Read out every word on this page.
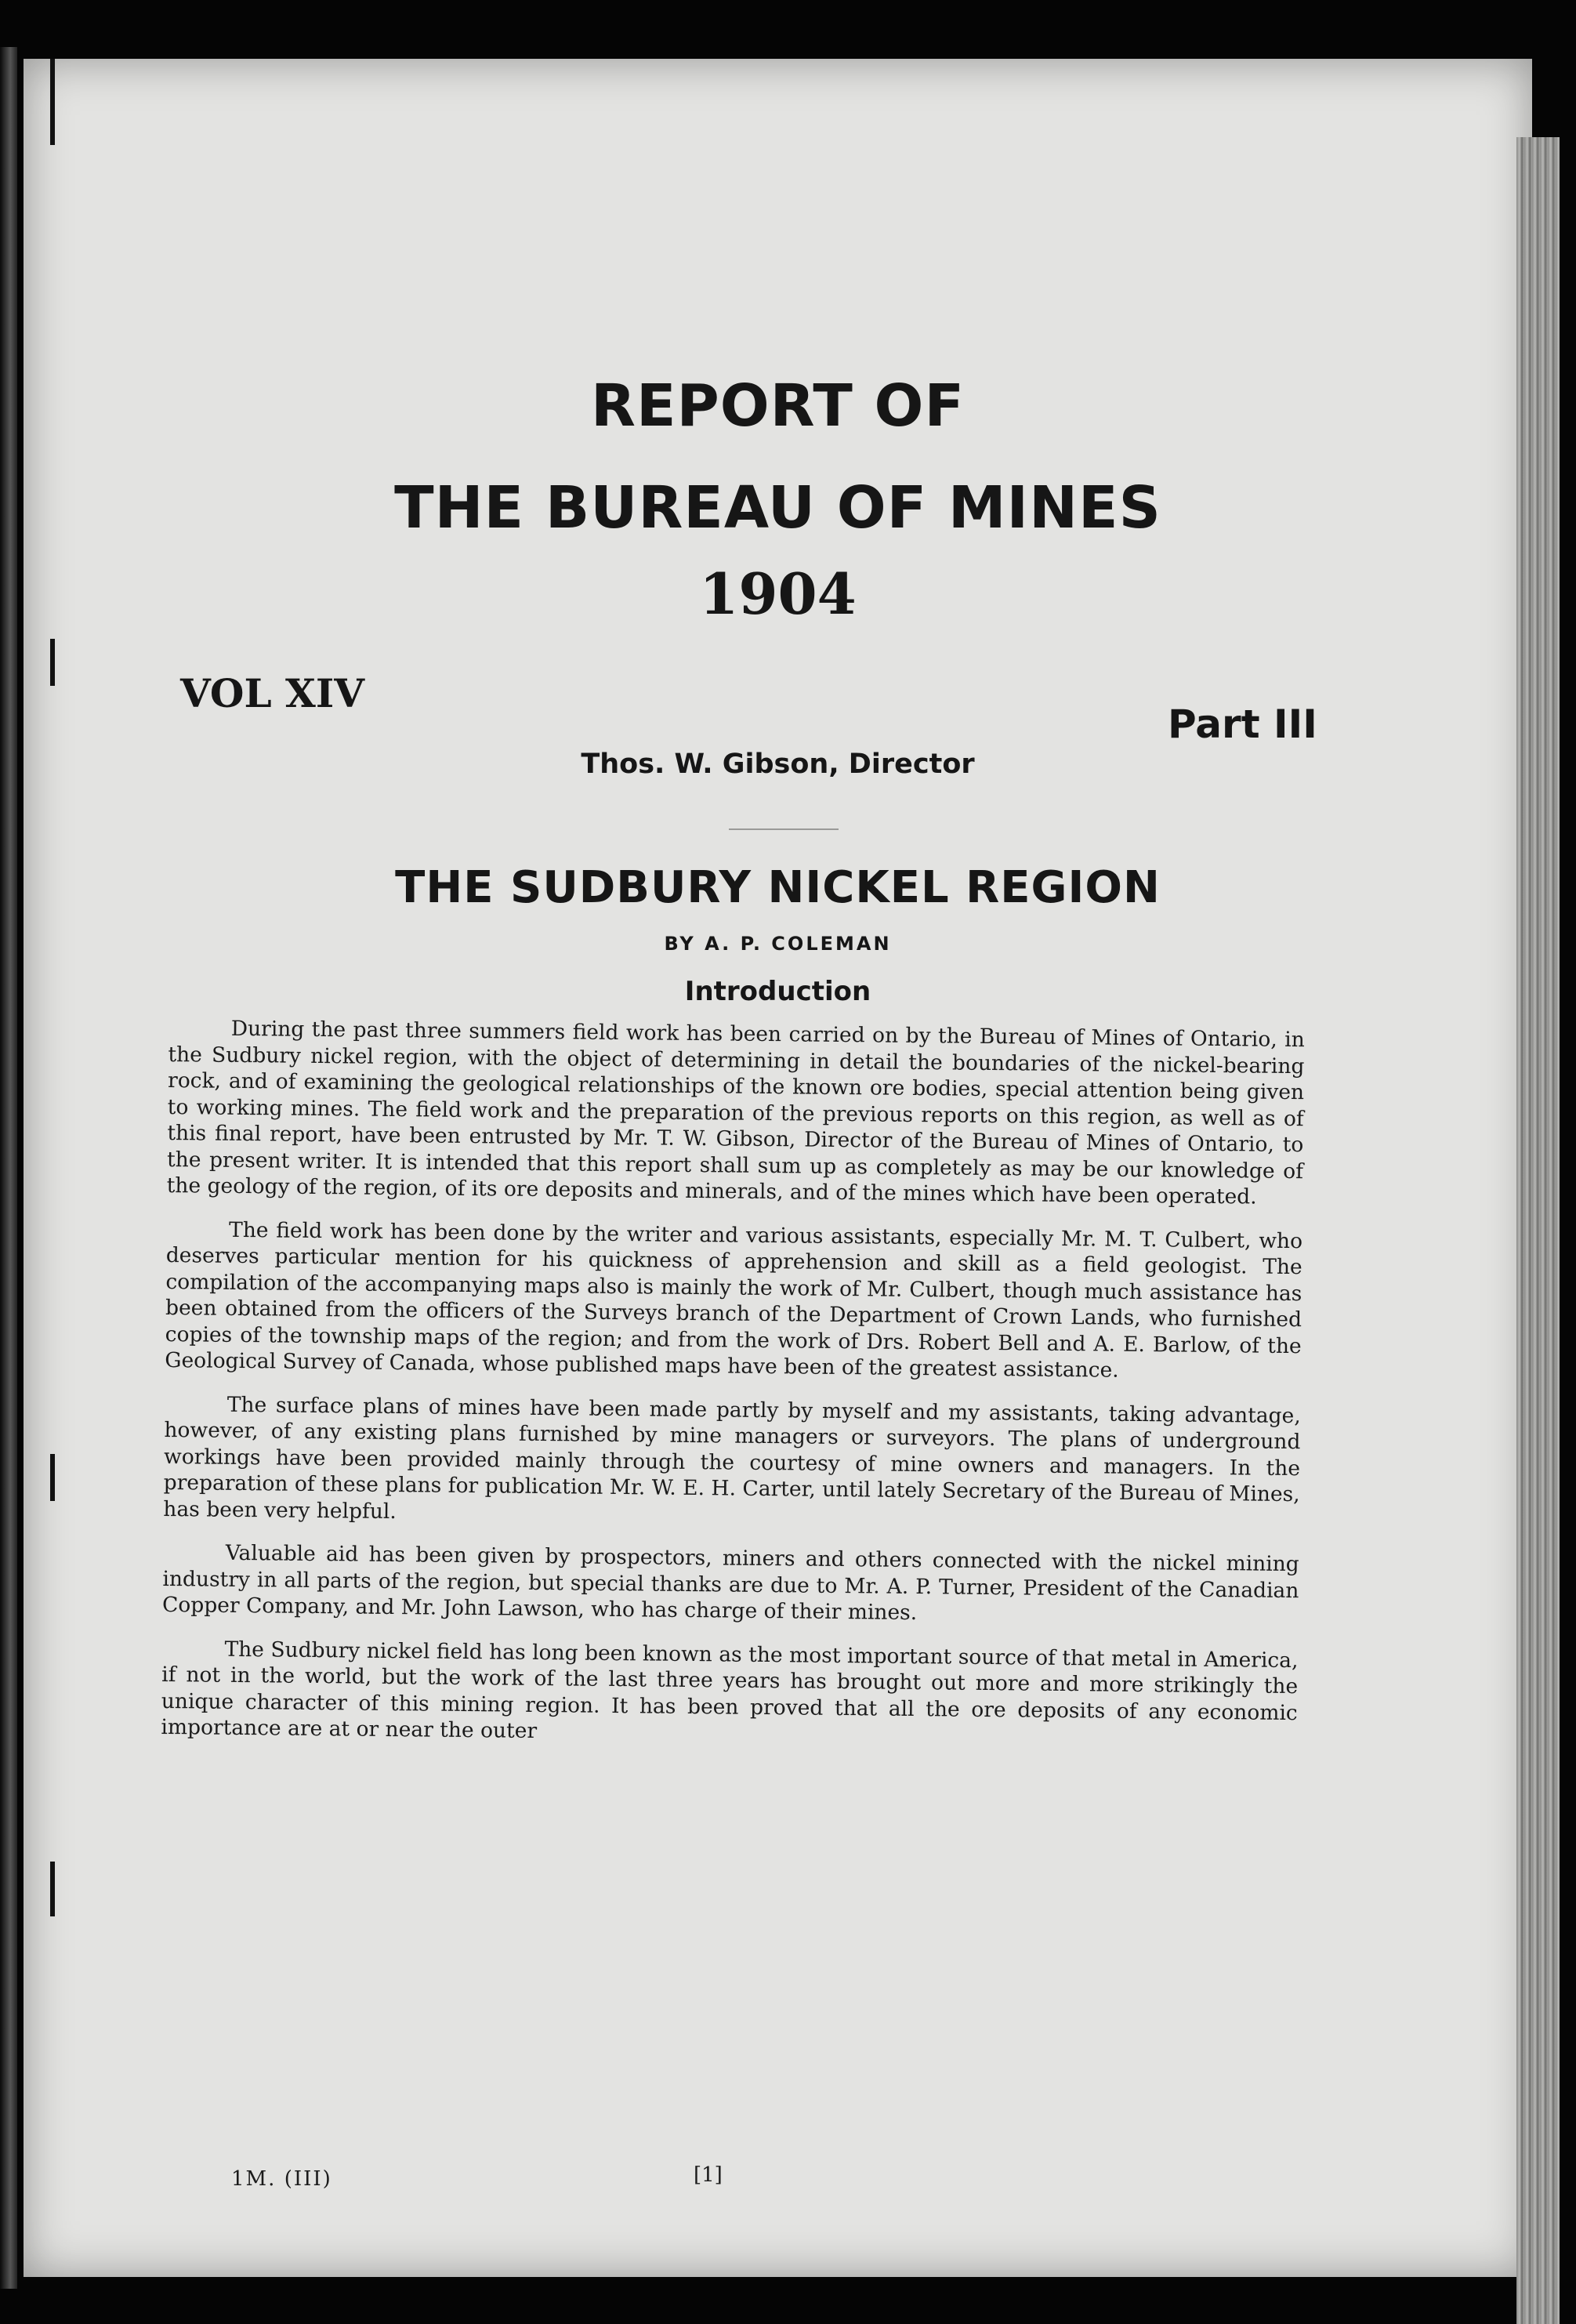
REPORT OF
THE BUREAU OF MINES
1904
VOL XIV
Part III
Thos. W. Gibson, Director
THE SUDBURY NICKEL REGION
BY A. P. COLEMAN
Introduction

During the past three summers field work has been carried on by the Bureau of Mines of Ontario, in the Sudbury nickel region, with the object of determining in detail the boundaries of the nickel-bearing rock, and of examining the geological relationships of the known ore bodies, special attention being given to working mines. The field work and the preparation of the previous reports on this region, as well as of this final report, have been entrusted by Mr. T. W. Gibson, Director of the Bureau of Mines of Ontario, to the present writer. It is intended that this report shall sum up as completely as may be our knowledge of the geology of the region, of its ore deposits and minerals, and of the mines which have been operated.

The field work has been done by the writer and various assistants, especially Mr. M. T. Culbert, who deserves particular mention for his quickness of apprehension and skill as a field geologist. The compilation of the accompanying maps also is mainly the work of Mr. Culbert, though much assistance has been obtained from the officers of the Surveys branch of the Department of Crown Lands, who furnished copies of the township maps of the region; and from the work of Drs. Robert Bell and A. E. Barlow, of the Geological Survey of Canada, whose published maps have been of the greatest assistance.

The surface plans of mines have been made partly by myself and my assistants, taking advantage, however, of any existing plans furnished by mine managers or surveyors. The plans of underground workings have been provided mainly through the courtesy of mine owners and managers. In the preparation of these plans for publication Mr. W. E. H. Carter, until lately Secretary of the Bureau of Mines, has been very helpful.

Valuable aid has been given by prospectors, miners and others connected with the nickel mining industry in all parts of the region, but special thanks are due to Mr. A. P. Turner, President of the Canadian Copper Company, and Mr. John Lawson, who has charge of their mines.

The Sudbury nickel field has long been known as the most important source of that metal in America, if not in the world, but the work of the last three years has brought out more and more strikingly the unique character of this mining region. It has been proved that all the ore deposits of any economic importance are at or near the outer

1M. (III)	[1]
